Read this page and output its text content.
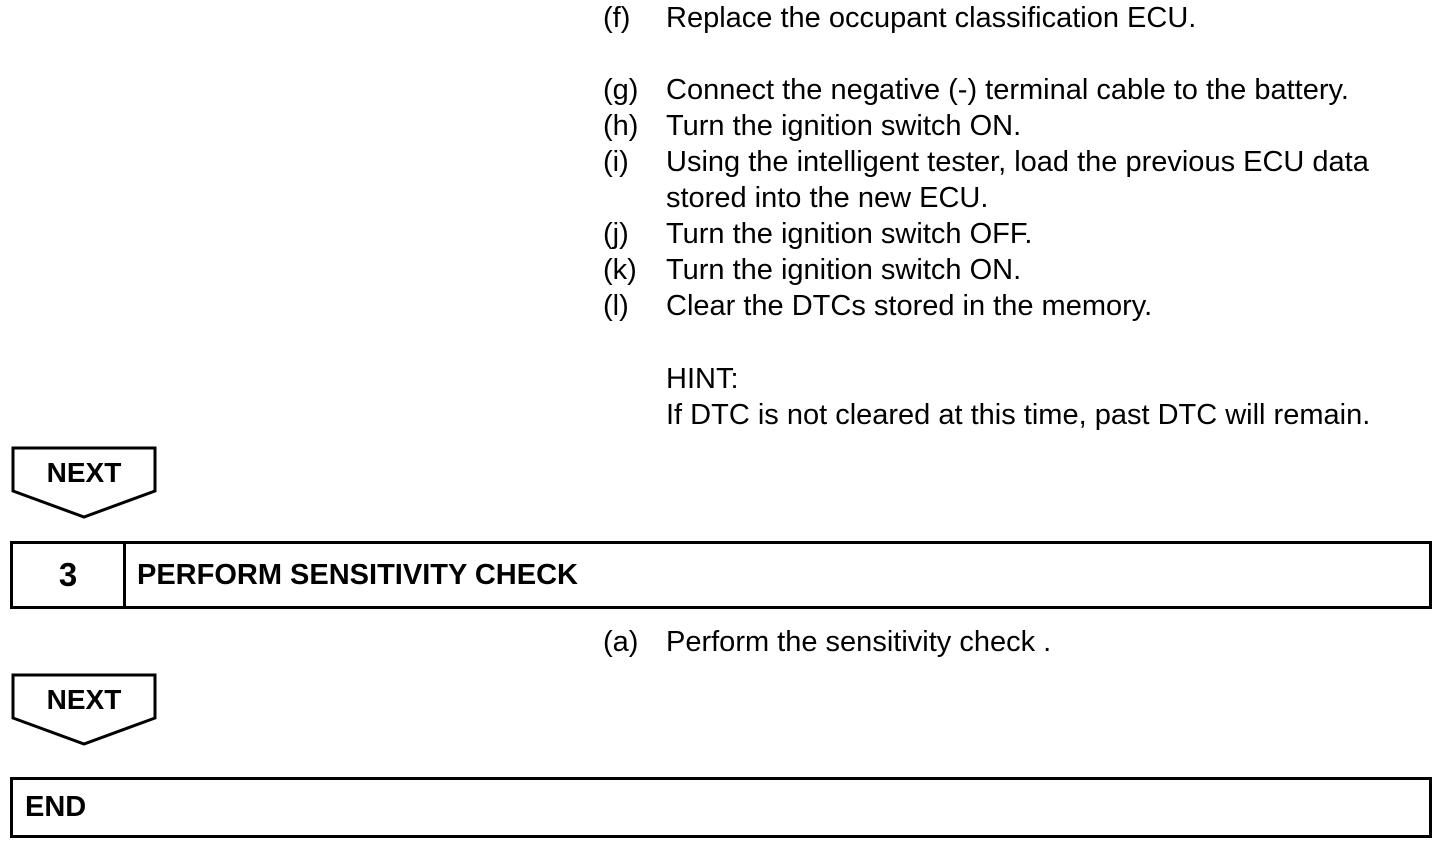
(f) Replace the occupant classification ECU.
(g) Connect the negative (-) terminal cable to the battery.
(h) Turn the ignition switch ON.
(i) Using the intelligent tester, load the previous ECU data
stored into the new ECU.
(j) Turn the ignition switch OFF.
(k) Turn the ignition switch ON.
(l) Clear the DTCs stored in the memory.
HINT:
If DTC is not cleared at this time, past DTC will remain.
NEXT
3	PERFORM SENSITIVITY CHECK
(a) Perform the sensitivity check .
NEXT
END
